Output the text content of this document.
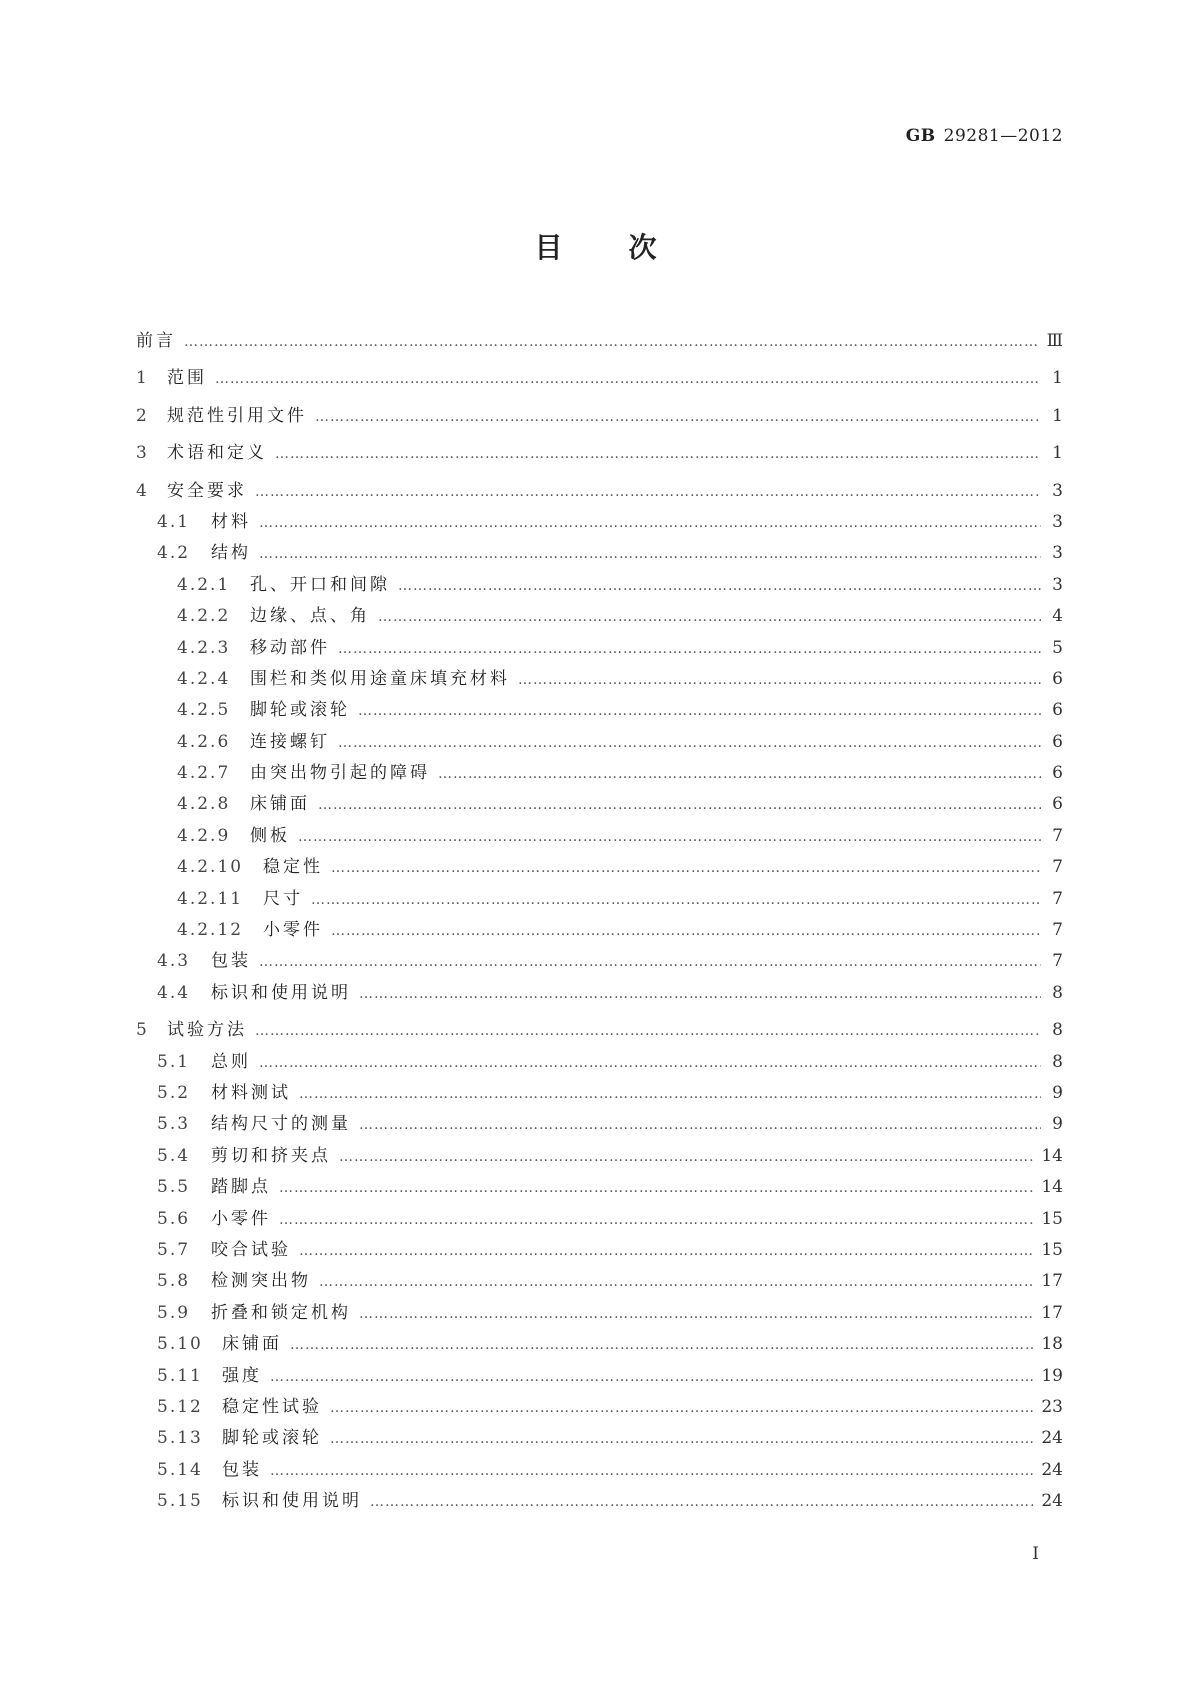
GB 29281—2012
目 次
前言 …………………………………………………………………………………………………………………………………………………………………………………………………………	Ⅲ
1	范围 …………………………………………………………………………………………………………………………………………………………………………………………………………	1
2	规范性引用文件 …………………………………………………………………………………………………………………………………………………………………………………………………………	1
3	术语和定义 …………………………………………………………………………………………………………………………………………………………………………………………………………	1
4	安全要求 …………………………………………………………………………………………………………………………………………………………………………………………………………	3
4.1	材料 …………………………………………………………………………………………………………………………………………………………………………………………………………	3
4.2	结构 …………………………………………………………………………………………………………………………………………………………………………………………………………	3
4.2.1	孔、开口和间隙 …………………………………………………………………………………………………………………………………………………………………………………………………………	3
4.2.2	边缘、点、角 …………………………………………………………………………………………………………………………………………………………………………………………………………	4
4.2.3	移动部件 …………………………………………………………………………………………………………………………………………………………………………………………………………	5
4.2.4	围栏和类似用途童床填充材料 …………………………………………………………………………………………………………………………………………………………………………………………………………	6
4.2.5	脚轮或滚轮 …………………………………………………………………………………………………………………………………………………………………………………………………………	6
4.2.6	连接螺钉 …………………………………………………………………………………………………………………………………………………………………………………………………………	6
4.2.7	由突出物引起的障碍 …………………………………………………………………………………………………………………………………………………………………………………………………………	6
4.2.8	床铺面 …………………………………………………………………………………………………………………………………………………………………………………………………………	6
4.2.9	侧板 …………………………………………………………………………………………………………………………………………………………………………………………………………	7
4.2.10	稳定性 …………………………………………………………………………………………………………………………………………………………………………………………………………	7
4.2.11	尺寸 …………………………………………………………………………………………………………………………………………………………………………………………………………	7
4.2.12	小零件 …………………………………………………………………………………………………………………………………………………………………………………………………………	7
4.3	包装 …………………………………………………………………………………………………………………………………………………………………………………………………………	7
4.4	标识和使用说明 …………………………………………………………………………………………………………………………………………………………………………………………………………	8
5	试验方法 …………………………………………………………………………………………………………………………………………………………………………………………………………	8
5.1	总则 …………………………………………………………………………………………………………………………………………………………………………………………………………	8
5.2	材料测试 …………………………………………………………………………………………………………………………………………………………………………………………………………	9
5.3	结构尺寸的测量 …………………………………………………………………………………………………………………………………………………………………………………………………………	9
5.4	剪切和挤夹点 …………………………………………………………………………………………………………………………………………………………………………………………………………	14
5.5	踏脚点 …………………………………………………………………………………………………………………………………………………………………………………………………………	14
5.6	小零件 …………………………………………………………………………………………………………………………………………………………………………………………………………	15
5.7	咬合试验 …………………………………………………………………………………………………………………………………………………………………………………………………………	15
5.8	检测突出物 …………………………………………………………………………………………………………………………………………………………………………………………………………	17
5.9	折叠和锁定机构 …………………………………………………………………………………………………………………………………………………………………………………………………………	17
5.10	床铺面 …………………………………………………………………………………………………………………………………………………………………………………………………………	18
5.11	强度 …………………………………………………………………………………………………………………………………………………………………………………………………………	19
5.12	稳定性试验 …………………………………………………………………………………………………………………………………………………………………………………………………………	23
5.13	脚轮或滚轮 …………………………………………………………………………………………………………………………………………………………………………………………………………	24
5.14	包装 …………………………………………………………………………………………………………………………………………………………………………………………………………	24
5.15	标识和使用说明 …………………………………………………………………………………………………………………………………………………………………………………………………………	24
I
